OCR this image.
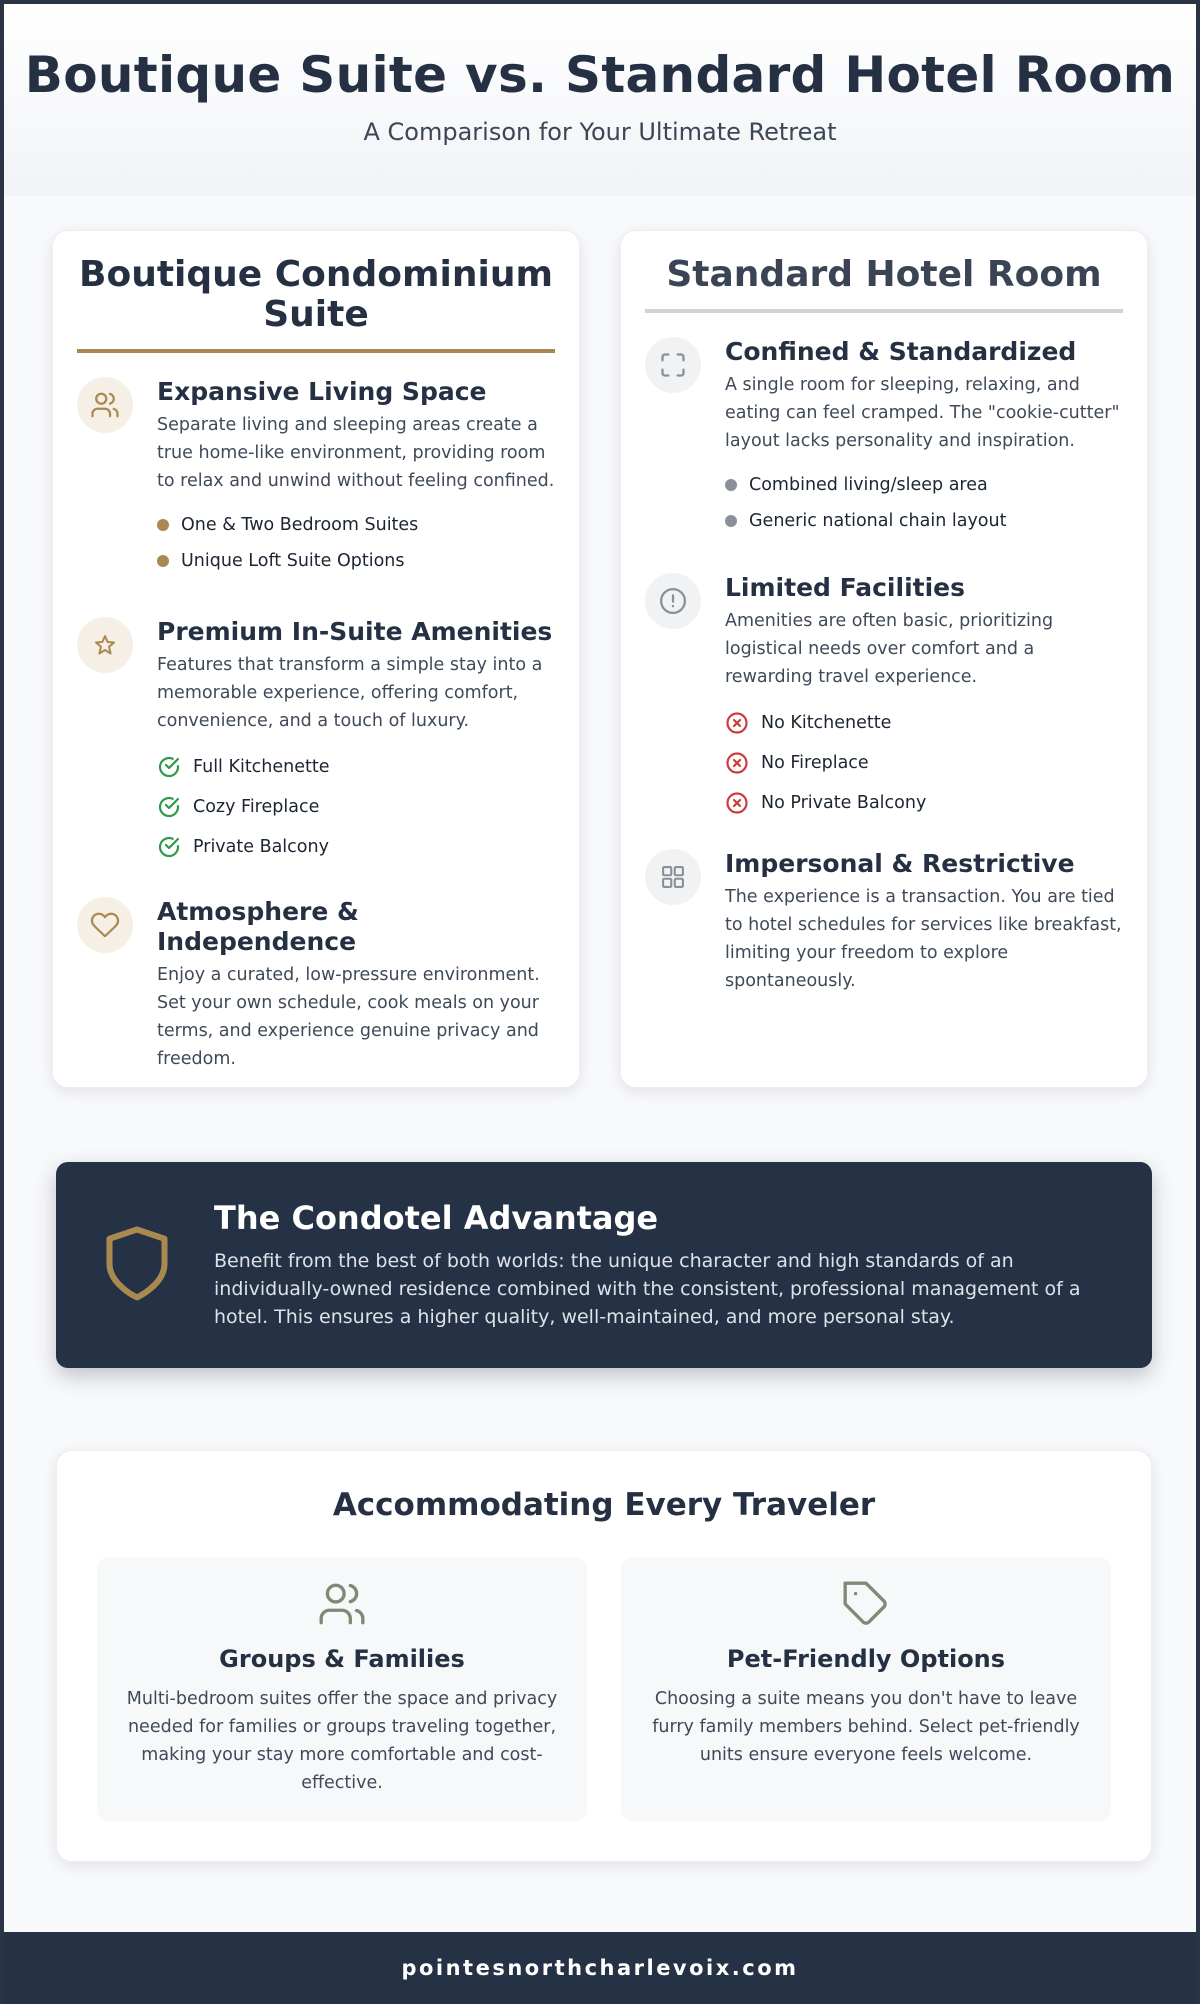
Boutique Suite vs. Standard Hotel Room
A Comparison for Your Ultimate Retreat
Boutique Condominium Suite
Expansive Living Space

Separate living and sleeping areas create a true home-like environment, providing room to relax and unwind without feeling confined.

One & Two Bedroom Suites
Unique Loft Suite Options
Premium In-Suite Amenities

Features that transform a simple stay into a memorable experience, offering comfort, convenience, and a touch of luxury.

Full Kitchenette
Cozy Fireplace
Private Balcony
Atmosphere & Independence

Enjoy a curated, low-pressure environment. Set your own schedule, cook meals on your terms, and experience genuine privacy and freedom.

Standard Hotel Room
Confined & Standardized

A single room for sleeping, relaxing, and eating can feel cramped. The "cookie-cutter" layout lacks personality and inspiration.

Combined living/sleep area
Generic national chain layout
Limited Facilities

Amenities are often basic, prioritizing logistical needs over comfort and a rewarding travel experience.

No Kitchenette
No Fireplace
No Private Balcony
Impersonal & Restrictive

The experience is a transaction. You are tied to hotel schedules for services like breakfast, limiting your freedom to explore spontaneously.

The Condotel Advantage

Benefit from the best of both worlds: the unique character and high standards of an individually-owned residence combined with the consistent, professional management of a hotel. This ensures a higher quality, well-maintained, and more personal stay.

Accommodating Every Traveler
Groups & Families

Multi-bedroom suites offer the space and privacy needed for families or groups traveling together, making your stay more comfortable and cost-effective.

Pet-Friendly Options

Choosing a suite means you don't have to leave furry family members behind. Select pet-friendly units ensure everyone feels welcome.

pointesnorthcharlevoix.com
